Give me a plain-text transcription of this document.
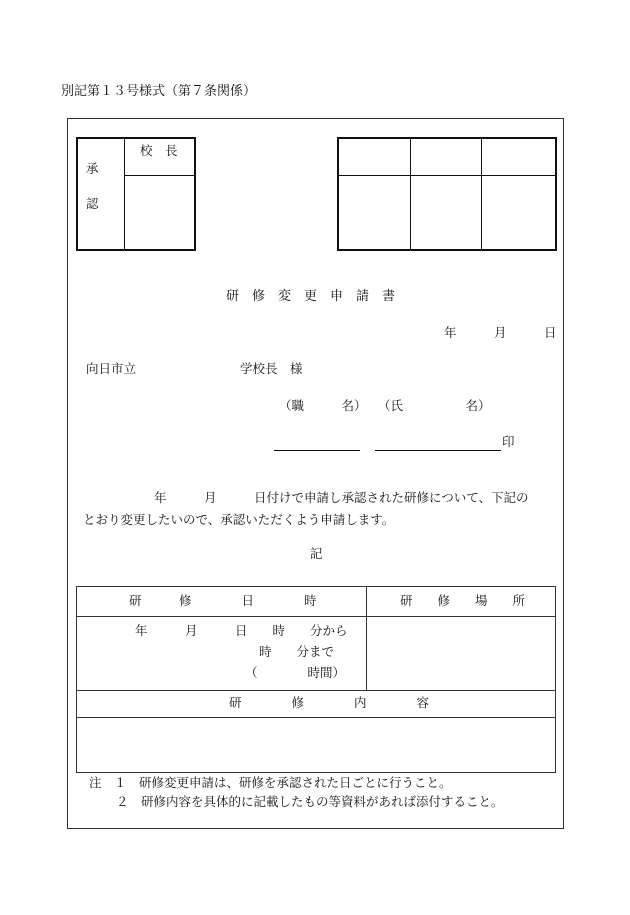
別記第１３号様式（第７条関係）
承
認
校　長
研　修　変　更　申　請　書
年　　　月　　　日
向日市立	学校長　様
（職　　　名） （氏　　　　　名）
印
年　　　月　　　日付けで申請し承認された研修について、下記の
とおり変更したいので、承認いただくよう申請します。
記
研　　　修　　　　日　　　　時	研　　修　　場　　所
年　　　月　　　日　　時　　分から
時　　分まで
（　　　　時間）
研　　　　修　　　　内　　　　容
注　１　研修変更申請は、研修を承認された日ごとに行うこと。
２　研修内容を具体的に記載したもの等資料があれば添付すること。
